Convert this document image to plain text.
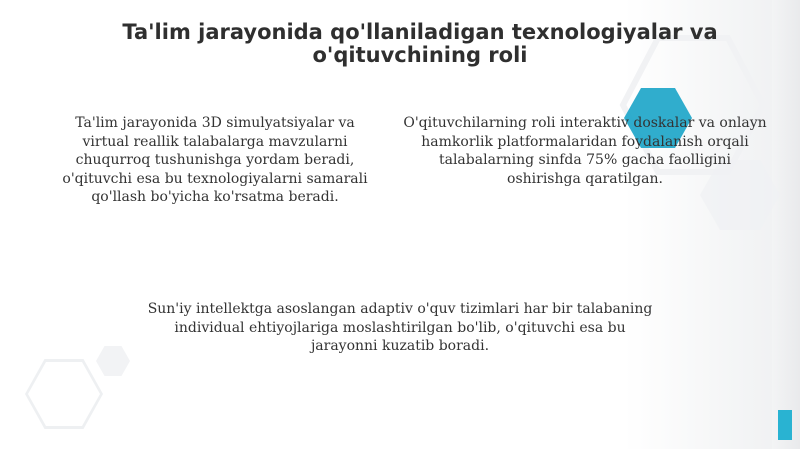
Ta'lim jarayonida qo'llaniladigan texnologiyalar va o'qituvchining roli

Ta'lim jarayonida 3D simulyatsiyalar va virtual reallik talabalarga mavzularni chuqurroq tushunishga yordam beradi, o'qituvchi esa bu texnologiyalarni samarali qo'llash bo'yicha ko'rsatma beradi.

O'qituvchilarning roli interaktiv doskalar va onlayn hamkorlik platformalaridan foydalanish orqali talabalarning sinfda 75% gacha faolligini oshirishga qaratilgan.

Sun'iy intellektga asoslangan adaptiv o'quv tizimlari har bir talabaning individual ehtiyojlariga moslashtirilgan bo'lib, o'qituvchi esa bu jarayonni kuzatib boradi.
